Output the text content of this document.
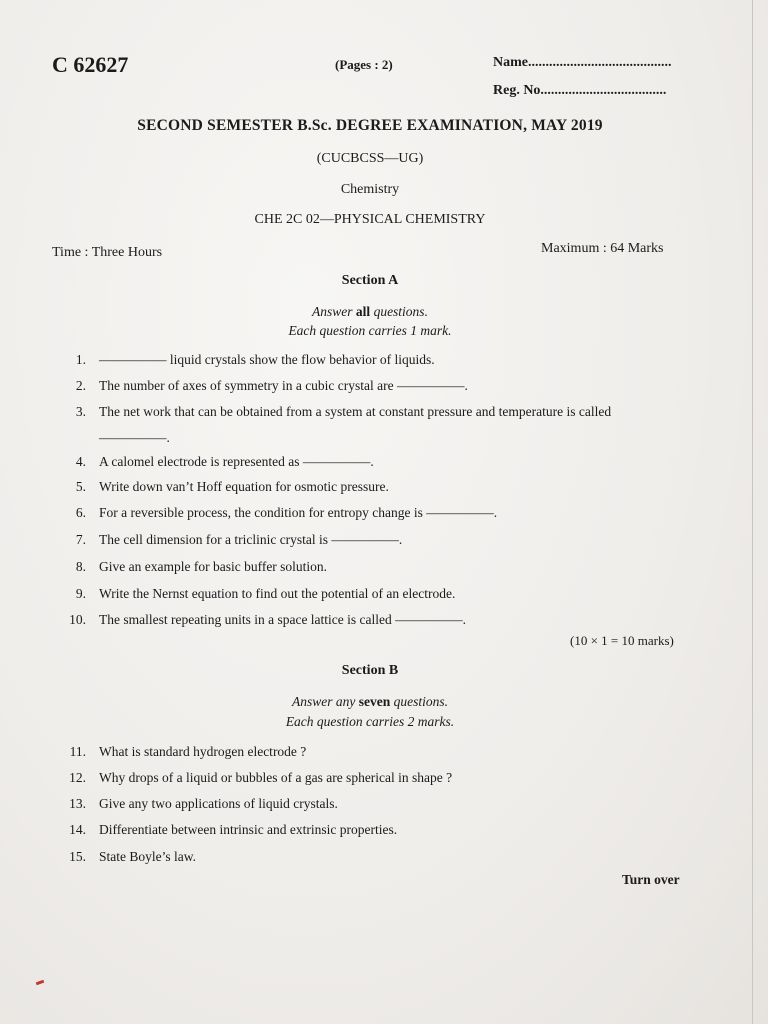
C 62627	(Pages : 2)	Name.........................................
Reg. No....................................
SECOND SEMESTER B.Sc. DEGREE EXAMINATION, MAY 2019
(CUCBCSS—UG)
Chemistry
CHE 2C 02—PHYSICAL CHEMISTRY
Time : Three Hours	Maximum : 64 Marks
Section A
Answer all questions.
Each question carries 1 mark.
1. ————— liquid crystals show the flow behavior of liquids.
2. The number of axes of symmetry in a cubic crystal are —————.
3. The net work that can be obtained from a system at constant pressure and temperature is called
—————.
4. A calomel electrode is represented as —————.
5. Write down van’t Hoff equation for osmotic pressure.
6. For a reversible process, the condition for entropy change is —————.
7. The cell dimension for a triclinic crystal is —————.
8. Give an example for basic buffer solution.
9. Write the Nernst equation to find out the potential of an electrode.
10. The smallest repeating units in a space lattice is called —————.
(10 × 1 = 10 marks)
Section B
Answer any seven questions.
Each question carries 2 marks.
11. What is standard hydrogen electrode ?
12. Why drops of a liquid or bubbles of a gas are spherical in shape ?
13. Give any two applications of liquid crystals.
14. Differentiate between intrinsic and extrinsic properties.
15. State Boyle’s law.
Turn over
